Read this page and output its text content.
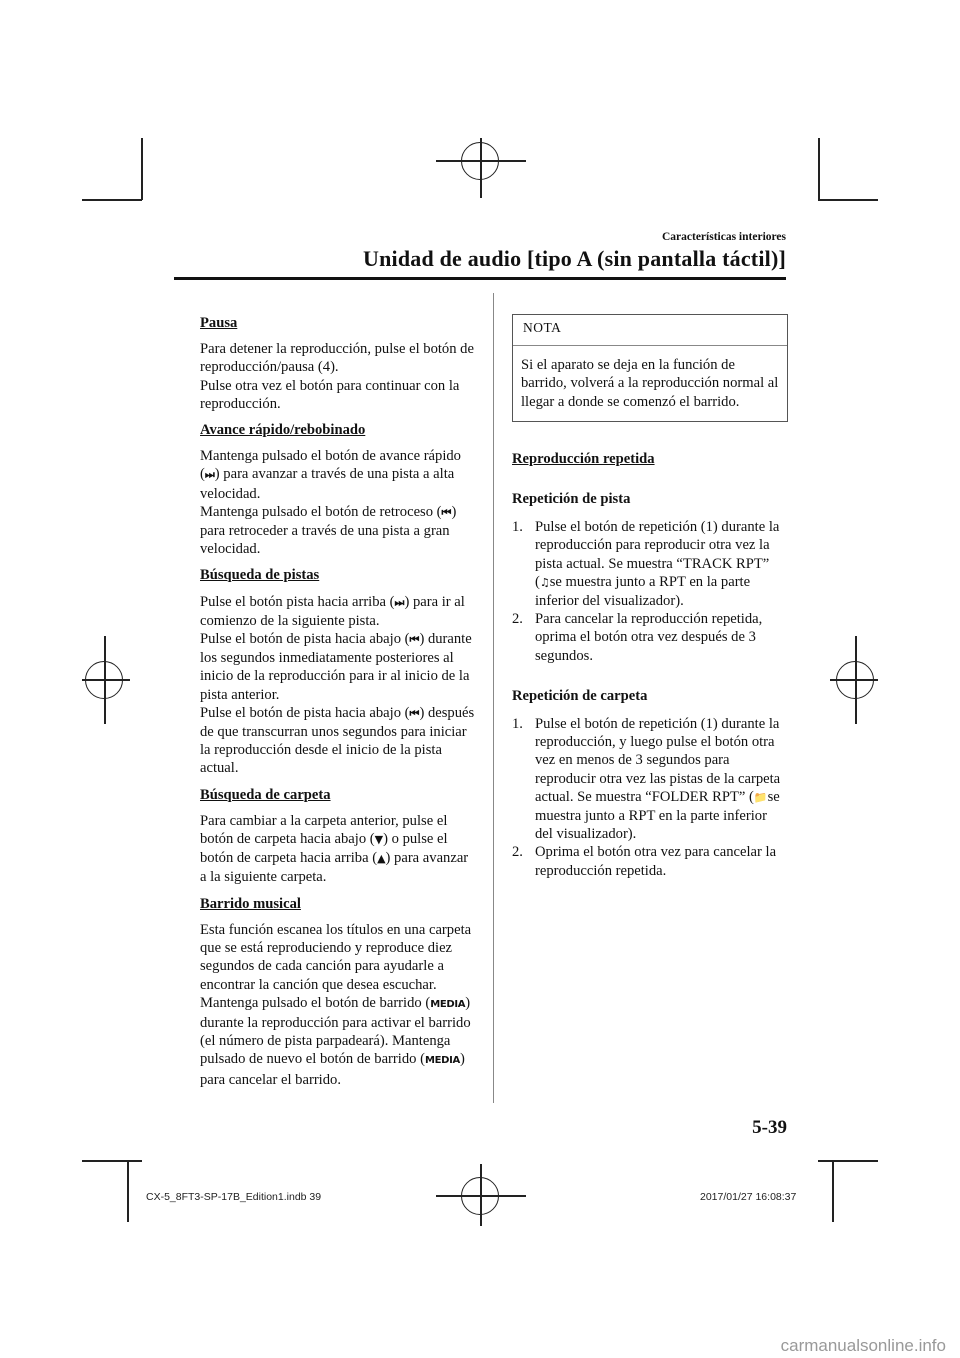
Características interiores
Unidad de audio [tipo A (sin pantalla táctil)]
Pausa
Para detener la reproducción, pulse el botón de reproducción/pausa (4).
Pulse otra vez el botón para continuar con la reproducción.
Avance rápido/rebobinado
Mantenga pulsado el botón de avance rápido (⏭) para avanzar a través de una pista a alta velocidad.
Mantenga pulsado el botón de retroceso (⏮) para retroceder a través de una pista a gran velocidad.
Búsqueda de pistas
Pulse el botón pista hacia arriba (⏭) para ir al comienzo de la siguiente pista.
Pulse el botón de pista hacia abajo (⏮) durante los segundos inmediatamente posteriores al inicio de la reproducción para ir al inicio de la pista anterior.
Pulse el botón de pista hacia abajo (⏮) después de que transcurran unos segundos para iniciar la reproducción desde el inicio de la pista actual.
Búsqueda de carpeta
Para cambiar a la carpeta anterior, pulse el botón de carpeta hacia abajo (▼) o pulse el botón de carpeta hacia arriba (▲) para avanzar a la siguiente carpeta.
Barrido musical
Esta función escanea los títulos en una carpeta que se está reproduciendo y reproduce diez segundos de cada canción para ayudarle a encontrar la canción que desea escuchar.
Mantenga pulsado el botón de barrido (MEDIA) durante la reproducción para activar el barrido (el número de pista parpadeará). Mantenga pulsado de nuevo el botón de barrido (MEDIA) para cancelar el barrido.
NOTA
Si el aparato se deja en la función de barrido, volverá a la reproducción normal al llegar a donde se comenzó el barrido.
Reproducción repetida
Repetición de pista
1. Pulse el botón de repetición (1) durante la reproducción para reproducir otra vez la pista actual. Se muestra “TRACK RPT” (♫se muestra junto a RPT en la parte inferior del visualizador).
2. Para cancelar la reproducción repetida, oprima el botón otra vez después de 3 segundos.
Repetición de carpeta
1. Pulse el botón de repetición (1) durante la reproducción, y luego pulse el botón otra vez en menos de 3 segundos para reproducir otra vez las pistas de la carpeta actual. Se muestra “FOLDER RPT” (📁se muestra junto a RPT en la parte inferior del visualizador).
2. Oprima el botón otra vez para cancelar la reproducción repetida.
5-39
CX-5_8FT3-SP-17B_Edition1.indb 39	2017/01/27 16:08:37
carmanualsonline.info
